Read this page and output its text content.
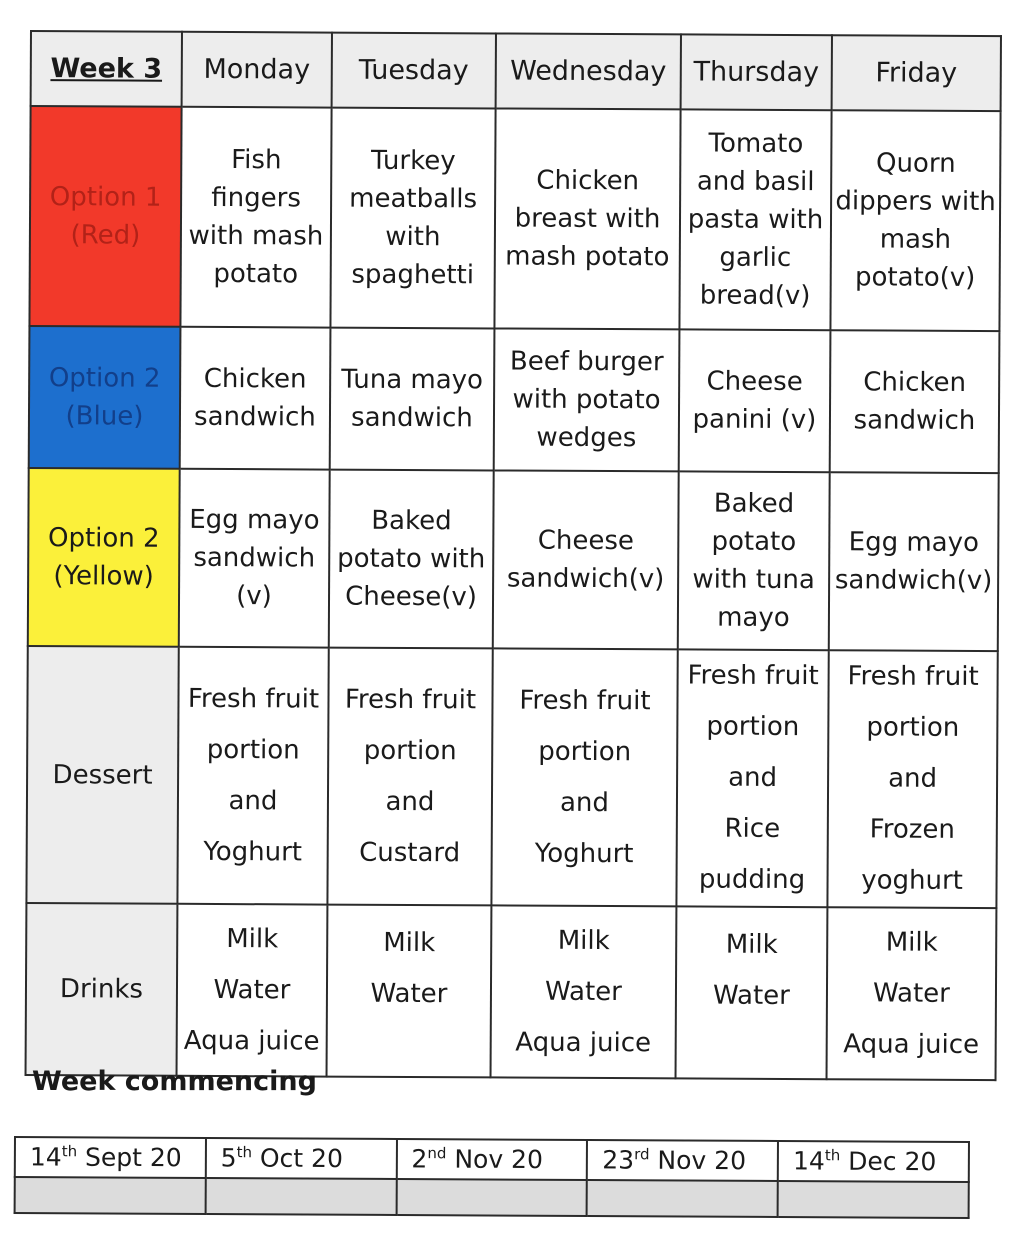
Week 3	Monday	Tuesday	Wednesday	Thursday	Friday

Option 1
(Red)	Fish fingers
with mash
potato	Turkey
meatballs
with
spaghetti	Chicken
breast with
mash potato	Tomato
and basil
pasta with
garlic
bread(v)	Quorn
dippers with
mash
potato(v)

Option 2
(Blue)	Chicken
sandwich	Tuna mayo
sandwich	Beef burger
with potato
wedges	Cheese
panini (v)	Chicken
sandwich

Option 2
(Yellow)	Egg mayo
sandwich
(v)	Baked
potato with
Cheese(v)	Cheese
sandwich(v)	Baked
potato
with tuna
mayo	Egg mayo
sandwich(v)

Dessert	Fresh fruit
portion
and
Yoghurt	Fresh fruit
portion
and
Custard	Fresh fruit
portion
and
Yoghurt	Fresh fruit
portion
and
Rice
pudding	Fresh fruit
portion
and
Frozen
yoghurt

Drinks	Milk
Water
Aqua juice	Milk
Water	Milk
Water
Aqua juice	Milk
Water	Milk
Water
Aqua juice
Week commencing
14th Sept 20	5th Oct 20	2nd Nov 20	23rd Nov 20	14th Dec 20
